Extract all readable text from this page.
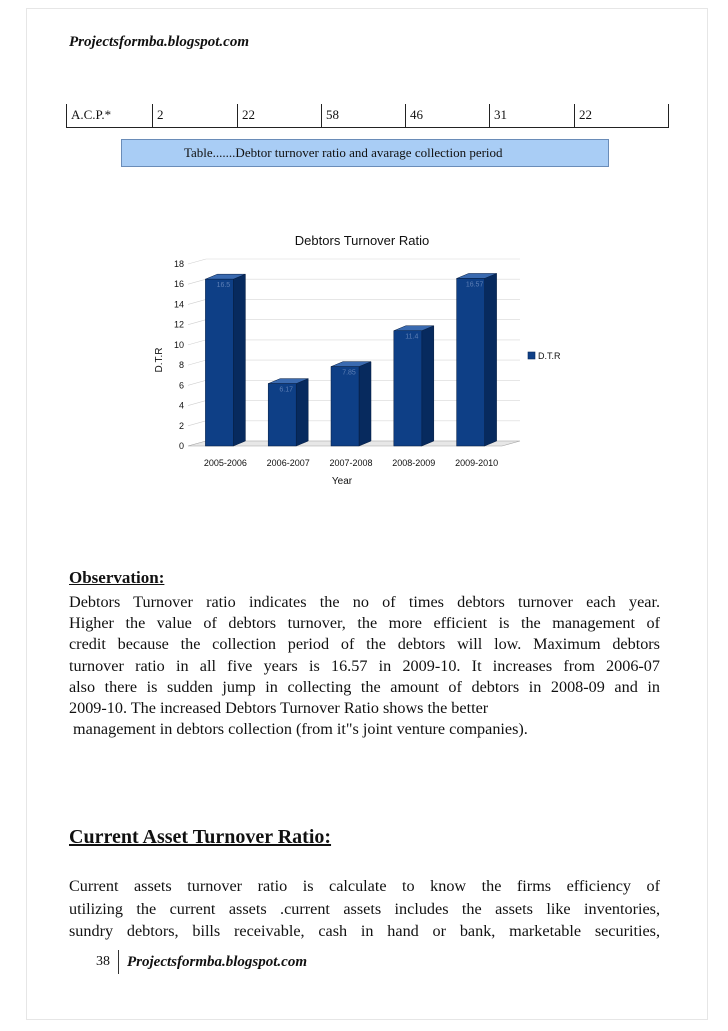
Projectsformba.blogspot.com
A.C.P.*	2	22	58	46	31	22
Table.......Debtor turnover ratio and avarage collection period
Debtors Turnover Ratio
0
2
4
6
8
10
12
14
16
18
16.5
6.17
7.85
11.4
16.57
2005-2006 2006-2007 2007-2008 2008-2009 2009-2010
Year
D.T.R	D.T.R
Observation:
Debtors Turnover ratio indicates the no of times debtors turnover each year.
Higher the value of debtors turnover, the more efficient is the management of
credit because the collection period of the debtors will low. Maximum debtors
turnover ratio in all five years is 16.57 in 2009-10. It increases from 2006-07
also there is sudden jump in collecting the amount of debtors in 2008-09 and in
2009-10. The increased Debtors Turnover Ratio shows the better
management in debtors collection (from it"s joint venture companies).
Current Asset Turnover Ratio:
Current assets turnover ratio is calculate to know the firms efficiency of
utilizing the current assets .current assets includes the assets like inventories,
sundry debtors, bills receivable, cash in hand or bank, marketable securities,
38	Projectsformba.blogspot.com
